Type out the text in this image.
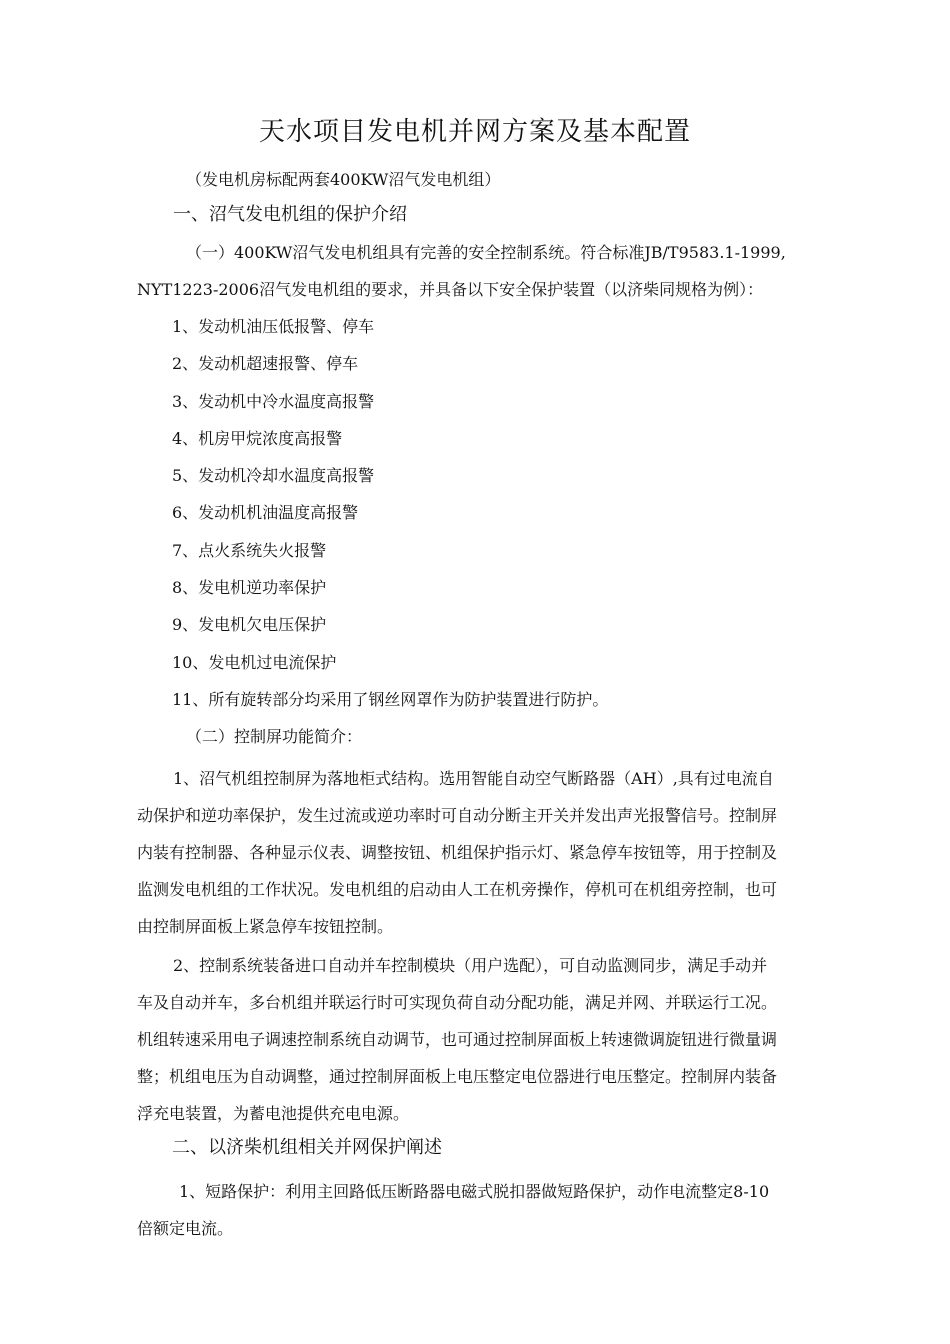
天水项目发电机并网方案及基本配置
（发电机房标配两套400KW沼气发电机组）
一、沼气发电机组的保护介绍
（一）400KW沼气发电机组具有完善的安全控制系统。符合标准JB/T9583.1-1999,
NYT1223-2006沼气发电机组的要求，并具备以下安全保护装置（以济柴同规格为例）：
1、发动机油压低报警、停车
2、发动机超速报警、停车
3、发动机中冷水温度高报警
4、机房甲烷浓度高报警
5、发动机冷却水温度高报警
6、发动机机油温度高报警
7、点火系统失火报警
8、发电机逆功率保护
9、发电机欠电压保护
10、发电机过电流保护
11、所有旋转部分均采用了钢丝网罩作为防护装置进行防护。
（二）控制屏功能简介：
1、沼气机组控制屏为落地柜式结构。选用智能自动空气断路器（AH）,具有过电流自
动保护和逆功率保护，发生过流或逆功率时可自动分断主开关并发出声光报警信号。控制屏
内装有控制器、各种显示仪表、调整按钮、机组保护指示灯、紧急停车按钮等，用于控制及
监测发电机组的工作状况。发电机组的启动由人工在机旁操作，停机可在机组旁控制，也可
由控制屏面板上紧急停车按钮控制。
2、控制系统装备进口自动并车控制模块（用户选配），可自动监测同步，满足手动并
车及自动并车，多台机组并联运行时可实现负荷自动分配功能，满足并网、并联运行工况。
机组转速采用电子调速控制系统自动调节，也可通过控制屏面板上转速微调旋钮进行微量调
整；机组电压为自动调整，通过控制屏面板上电压整定电位器进行电压整定。控制屏内装备
浮充电装置，为蓄电池提供充电电源。
二、以济柴机组相关并网保护阐述
1、短路保护：利用主回路低压断路器电磁式脱扣器做短路保护，动作电流整定8-10
倍额定电流。
